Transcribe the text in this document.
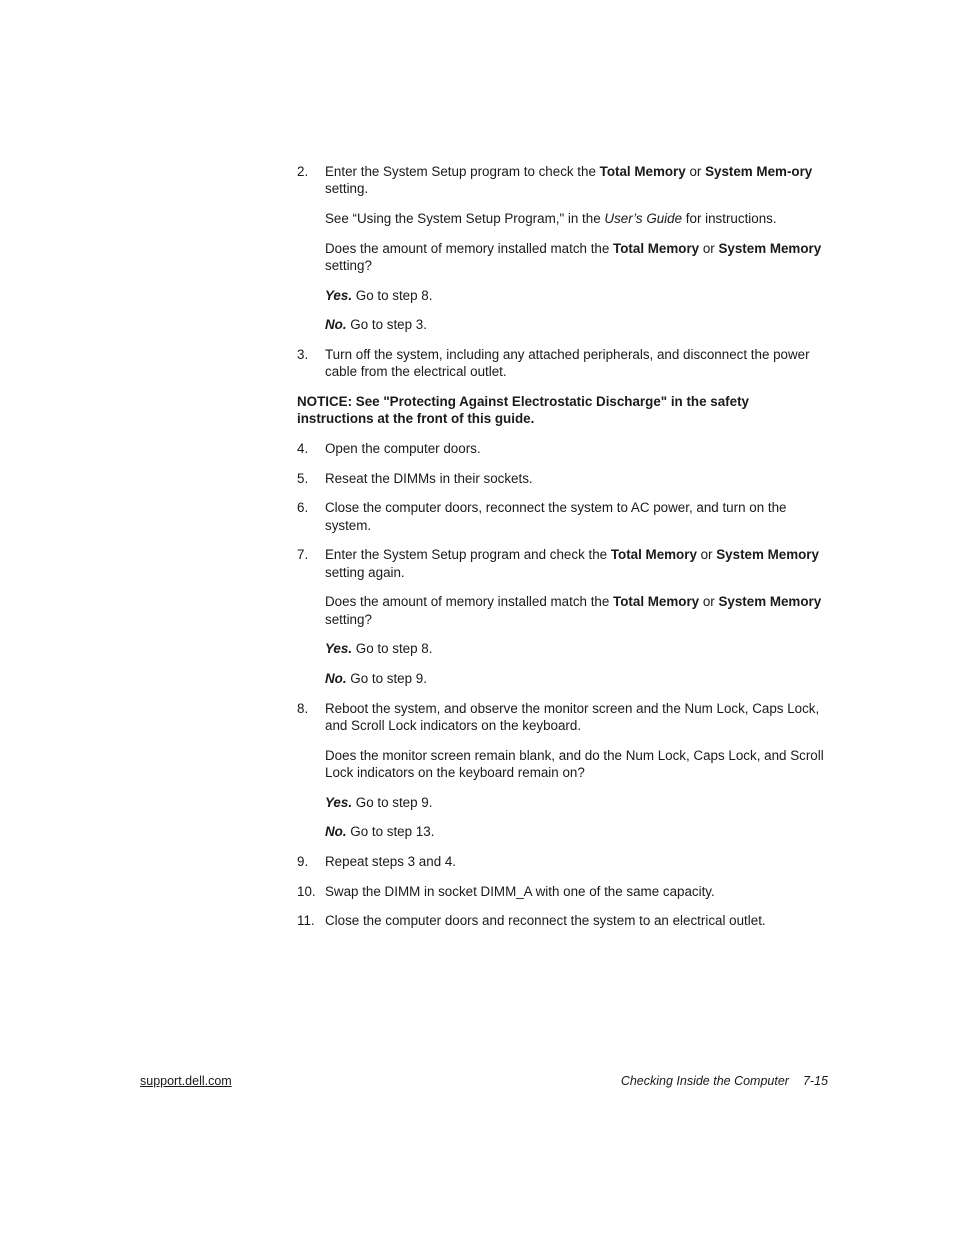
2. Enter the System Setup program to check the Total Memory or System Mem-ory setting.

See “Using the System Setup Program," in the User’s Guide for instructions.

Does the amount of memory installed match the Total Memory or System Memory setting?

Yes. Go to step 8.

No. Go to step 3.

3. Turn off the system, including any attached peripherals, and disconnect the power cable from the electrical outlet.

NOTICE: See "Protecting Against Electrostatic Discharge" in the safety instructions at the front of this guide.

4. Open the computer doors.

5. Reseat the DIMMs in their sockets.

6. Close the computer doors, reconnect the system to AC power, and turn on the system.

7. Enter the System Setup program and check the Total Memory or System Memory setting again.

Does the amount of memory installed match the Total Memory or System Memory setting?

Yes. Go to step 8.

No. Go to step 9.

8. Reboot the system, and observe the monitor screen and the Num Lock, Caps Lock, and Scroll Lock indicators on the keyboard.

Does the monitor screen remain blank, and do the Num Lock, Caps Lock, and Scroll Lock indicators on the keyboard remain on?

Yes. Go to step 9.

No. Go to step 13.

9. Repeat steps 3 and 4.

10. Swap the DIMM in socket DIMM_A with one of the same capacity.

11. Close the computer doors and reconnect the system to an electrical outlet.

support.dell.com	Checking Inside the Computer 7-15
